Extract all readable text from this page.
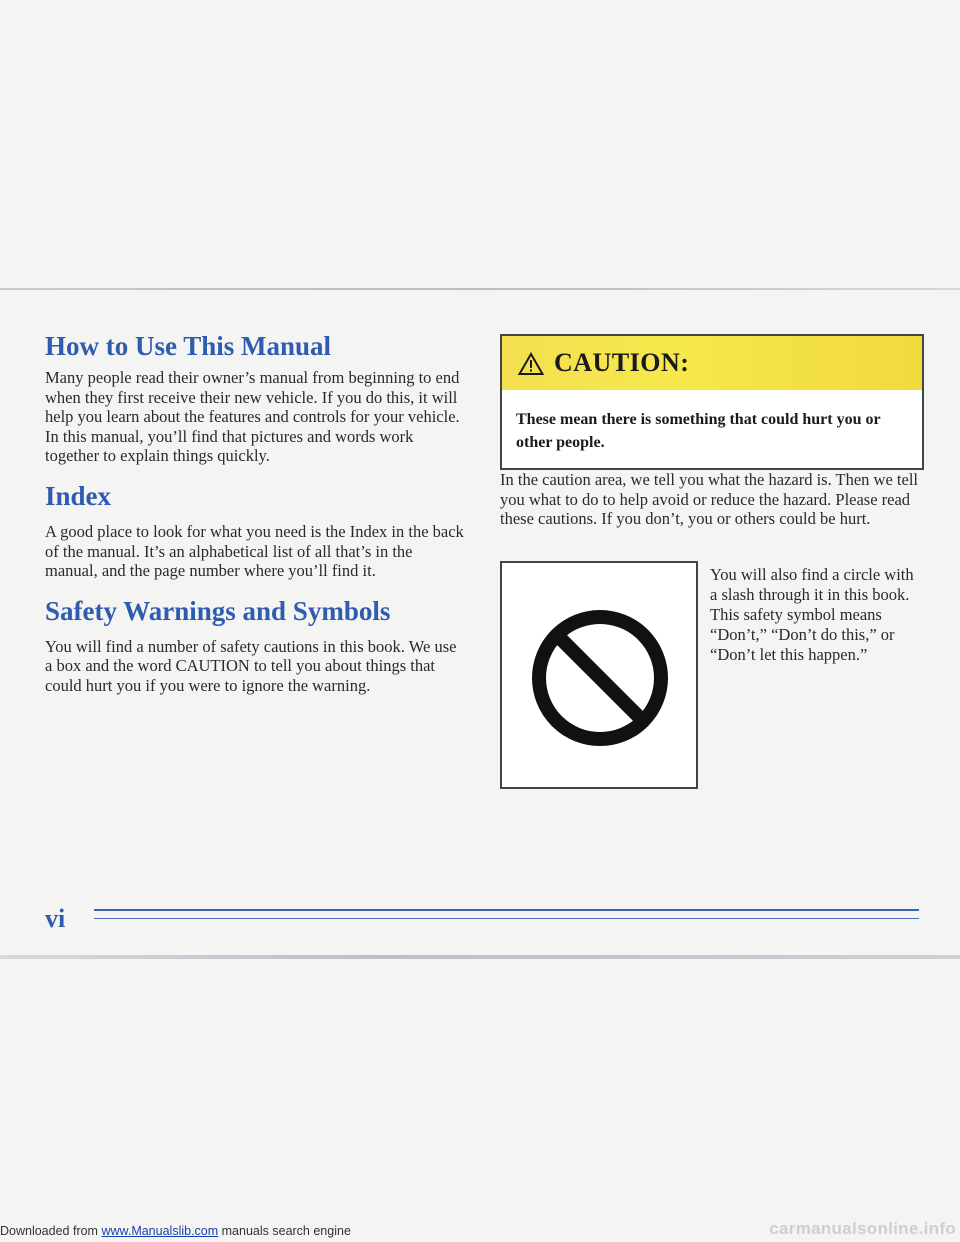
How to Use This Manual

Many people read their owner’s manual from beginning to end when they first receive their new vehicle. If you do this, it will help you learn about the features and controls for your vehicle. In this manual, you’ll find that pictures and words work together to explain things quickly.

Index

A good place to look for what you need is the Index in the back of the manual. It’s an alphabetical list of all that’s in the manual, and the page number where you’ll find it.

Safety Warnings and Symbols

You will find a number of safety cautions in this book. We use a box and the word CAUTION to tell you about things that could hurt you if you were to ignore the warning.

CAUTION:
These mean there is something that could hurt you or other people.

In the caution area, we tell you what the hazard is. Then we tell you what to do to help avoid or reduce the hazard. Please read these cautions. If you don’t, you or others could be hurt.

You will also find a circle with a slash through it in this book. This safety symbol means “Don’t,” “Don’t do this,” or “Don’t let this happen.”

vi
Downloaded from www.Manualslib.com manuals search engine	carmanualsonline.info
